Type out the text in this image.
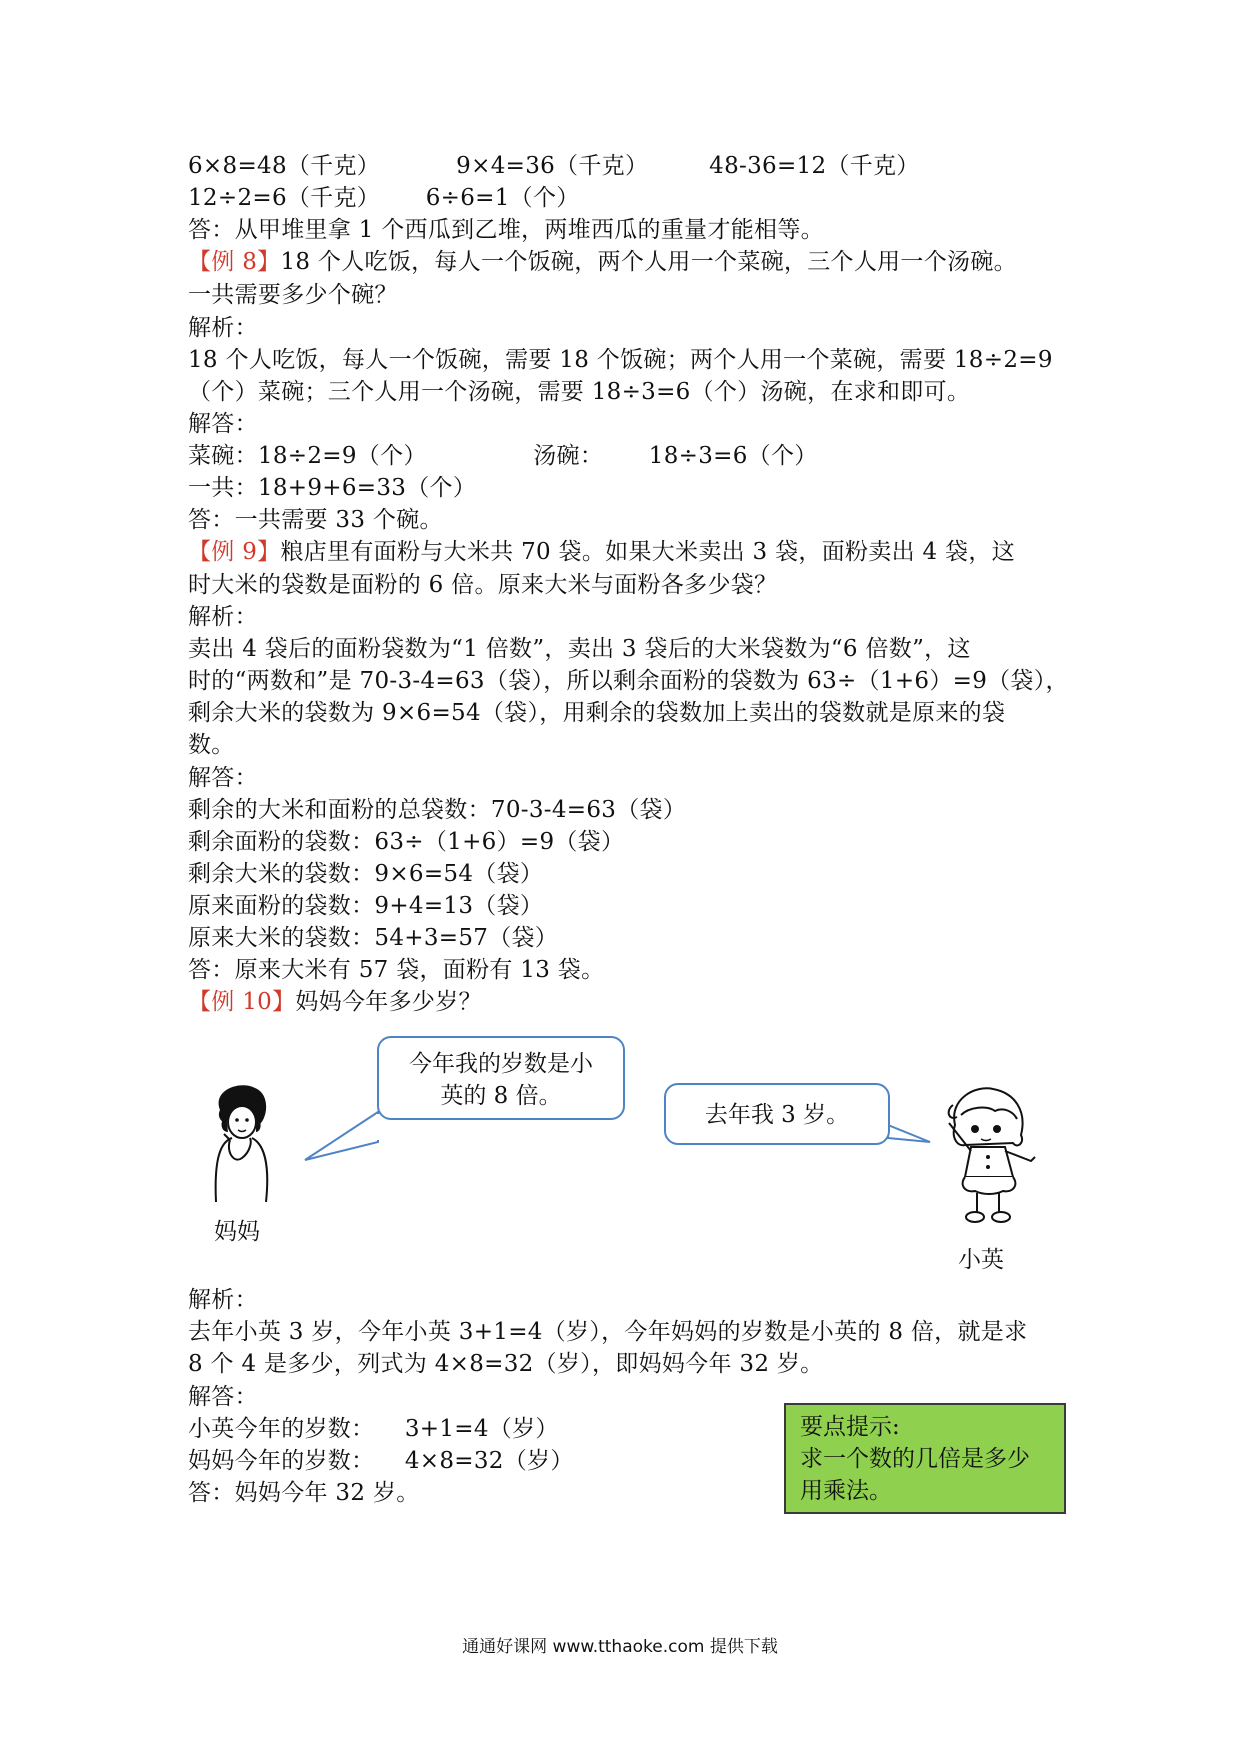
6×8=48（千克）          9×4=36（千克）        48-36=12（千克）
12÷2=6（千克）      6÷6=1（个）
答：从甲堆里拿 1 个西瓜到乙堆，两堆西瓜的重量才能相等。
【例 8】18 个人吃饭，每人一个饭碗，两个人用一个菜碗，三个人用一个汤碗。
一共需要多少个碗？
解析：
18 个人吃饭，每人一个饭碗，需要 18 个饭碗；两个人用一个菜碗，需要 18÷2=9
（个）菜碗；三个人用一个汤碗，需要 18÷3=6（个）汤碗，在求和即可。
解答：
菜碗：18÷2=9（个）              汤碗：      18÷3=6（个）
一共：18+9+6=33（个）
答：一共需要 33 个碗。
【例 9】粮店里有面粉与大米共 70 袋。如果大米卖出 3 袋，面粉卖出 4 袋，这
时大米的袋数是面粉的 6 倍。原来大米与面粉各多少袋？
解析：
卖出 4 袋后的面粉袋数为“1 倍数”，卖出 3 袋后的大米袋数为“6 倍数”，这
时的“两数和”是 70-3-4=63（袋），所以剩余面粉的袋数为 63÷（1+6）=9（袋），
剩余大米的袋数为 9×6=54（袋），用剩余的袋数加上卖出的袋数就是原来的袋
数。
解答：
剩余的大米和面粉的总袋数：70-3-4=63（袋）
剩余面粉的袋数：63÷（1+6）=9（袋）
剩余大米的袋数：9×6=54（袋）
原来面粉的袋数：9+4=13（袋）
原来大米的袋数：54+3=57（袋）
答：原来大米有 57 袋，面粉有 13 袋。
【例 10】妈妈今年多少岁？
今年我的岁数是小
英的 8 倍。
去年我 3 岁。
妈妈
小英
解析：
去年小英 3 岁，今年小英 3+1=4（岁），今年妈妈的岁数是小英的 8 倍，就是求
8 个 4 是多少，列式为 4×8=32（岁），即妈妈今年 32 岁。
解答：
小英今年的岁数：    3+1=4（岁）
妈妈今年的岁数：    4×8=32（岁）
答：妈妈今年 32 岁。
要点提示:
求一个数的几倍是多少
用乘法。
通通好课网 www.tthaoke.com 提供下载
